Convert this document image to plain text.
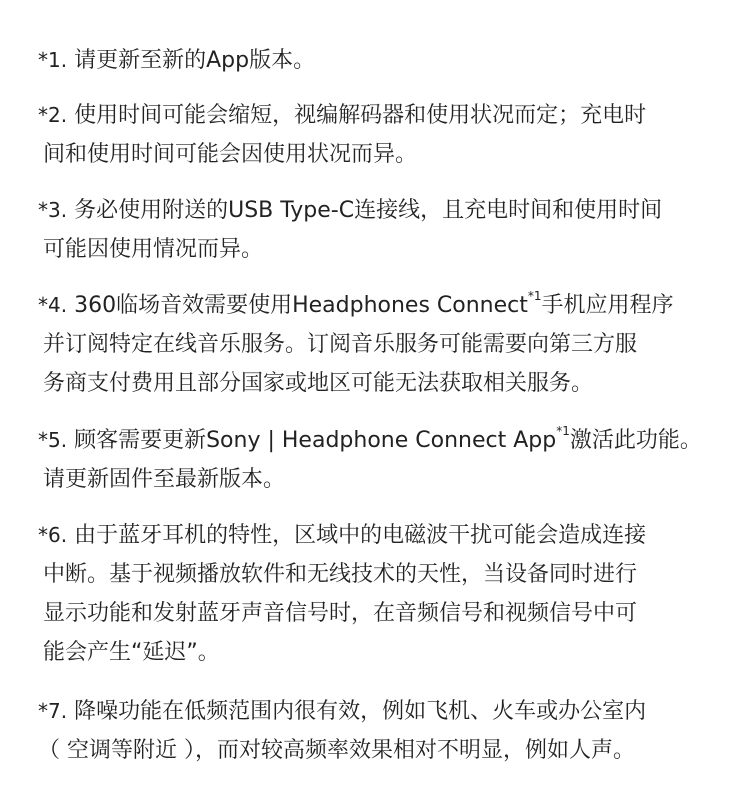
*1. 请更新至新的App版本。
*2. 使用时间可能会缩短，视编解码器和使用状况而定；充电时
间和使用时间可能会因使用状况而异。
*3. 务必使用附送的USB Type-C连接线，且充电时间和使用时间
可能因使用情况而异。
*4. 360临场音效需要使用Headphones Connect$^{*1}$手机应用程序
并订阅特定在线音乐服务。订阅音乐服务可能需要向第三方服
务商支付费用且部分国家或地区可能无法获取相关服务。
*5. 顾客需要更新Sony | Headphone Connect App$^{*1}$激活此功能。
请更新固件至最新版本。
*6. 由于蓝牙耳机的特性，区域中的电磁波干扰可能会造成连接
中断。基于视频播放软件和无线技术的天性，当设备同时进行
显示功能和发射蓝牙声音信号时，在音频信号和视频信号中可
能会产生“延迟”。
*7. 降噪功能在低频范围内很有效，例如飞机、火车或办公室内
（ 空调等附近 ），而对较高频率效果相对不明显，例如人声。
